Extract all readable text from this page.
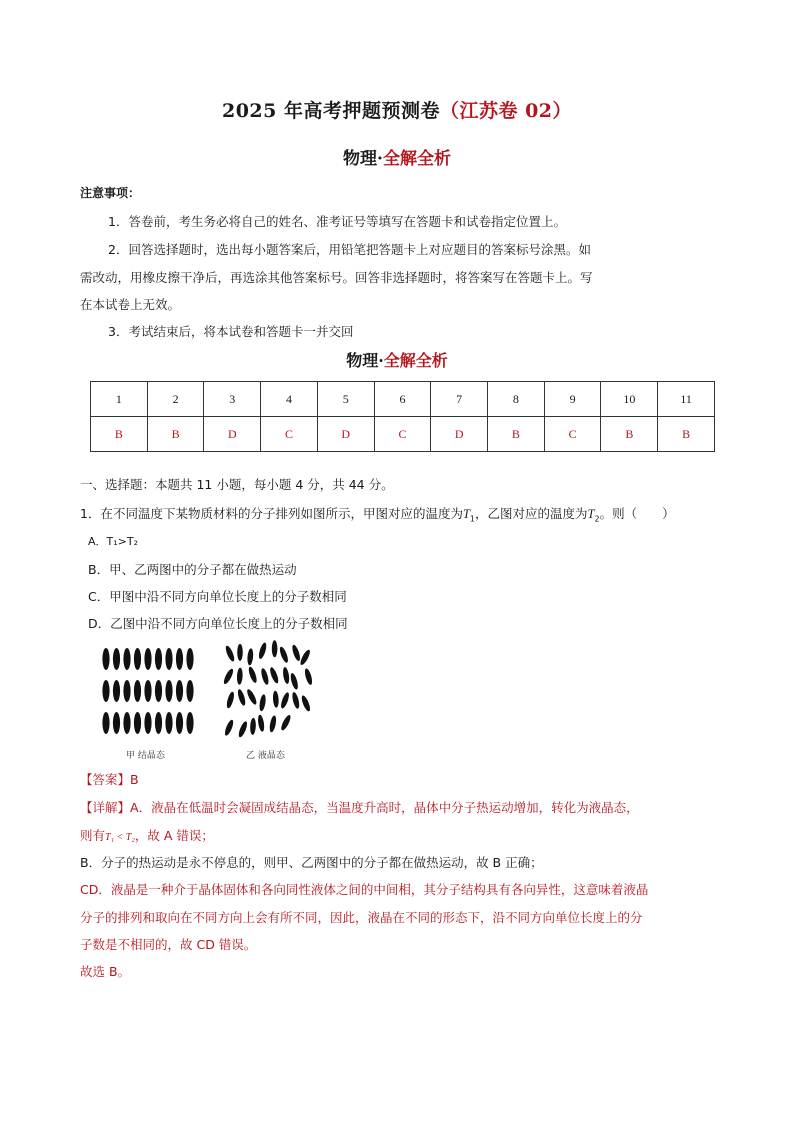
2025 年高考押题预测卷（江苏卷 02）
物理·全解全析
注意事项：
1．答卷前，考生务必将自己的姓名、准考证号等填写在答题卡和试卷指定位置上。
2．回答选择题时，选出每小题答案后，用铅笔把答题卡上对应题目的答案标号涂黑。如
需改动，用橡皮擦干净后，再选涂其他答案标号。回答非选择题时，将答案写在答题卡上。写
在本试卷上无效。
3．考试结束后，将本试卷和答题卡一并交回
物理·全解全析
1	2	3	4	5	6	7	8	9	10	11
B	B	D	C	D	C	D	B	C	B	B
一、选择题：本题共 11 小题，每小题 4 分，共 44 分。
1．在不同温度下某物质材料的分子排列如图所示，甲图对应的温度为$T_1$，乙图对应的温度为$T_2$。则（　　）
A．T₁>T₂
B．甲、乙两图中的分子都在做热运动
C．甲图中沿不同方向单位长度上的分子数相同
D．乙图中沿不同方向单位长度上的分子数相同
甲 结晶态	乙 液晶态
【答案】B
【详解】A．液晶在低温时会凝固成结晶态，当温度升高时，晶体中分子热运动增加，转化为液晶态，
则有T₁ < T₂，故 A 错误；
B．分子的热运动是永不停息的，则甲、乙两图中的分子都在做热运动，故 B 正确；
CD．液晶是一种介于晶体固体和各向同性液体之间的中间相，其分子结构具有各向异性，这意味着液晶
分子的排列和取向在不同方向上会有所不同，因此，液晶在不同的形态下，沿不同方向单位长度上的分
子数是不相同的，故 CD 错误。
故选 B。
